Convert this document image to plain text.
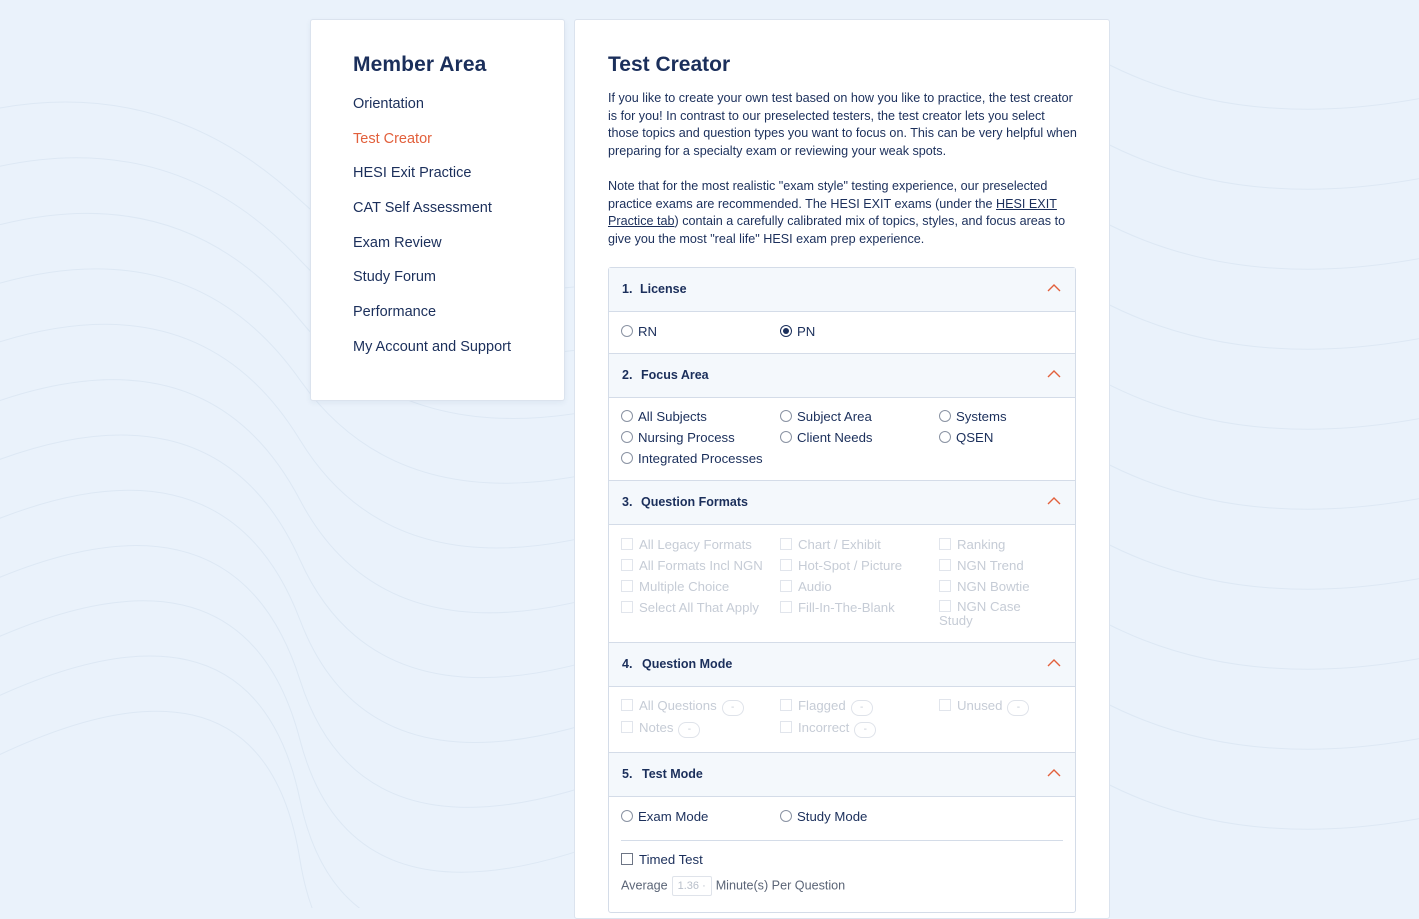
Member Area
Orientation
Test Creator
HESI Exit Practice
CAT Self Assessment
Exam Review
Study Forum
Performance
My Account and Support
Test Creator

If you like to create your own test based on how you like to practice, the test creator is for you! In contrast to our preselected testers, the test creator lets you select those topics and question types you want to focus on. This can be very helpful when preparing for a specialty exam or reviewing your weak spots.

Note that for the most realistic "exam style" testing experience, our preselected practice exams are recommended. The HESI EXIT exams (under the HESI EXIT Practice tab) contain a carefully calibrated mix of topics, styles, and focus areas to give you the most "real life" HESI exam prep experience.

1. License
RN	PN
2. Focus Area
All Subjects	Subject Area	Systems
Nursing Process	Client Needs	QSEN
Integrated Processes
3. Question Formats
All Legacy Formats	Chart / Exhibit	Ranking
All Formats Incl NGN	Hot-Spot / Picture	NGN Trend
Multiple Choice	Audio	NGN Bowtie
Select All That Apply	Fill-In-The-Blank	NGN Case Study
4. Question Mode
All Questions -	Flagged -	Unused -
Notes -	Incorrect -
5. Test Mode
Exam Mode	Study Mode
Timed Test
Average 1.36 · Minute(s) Per Question
